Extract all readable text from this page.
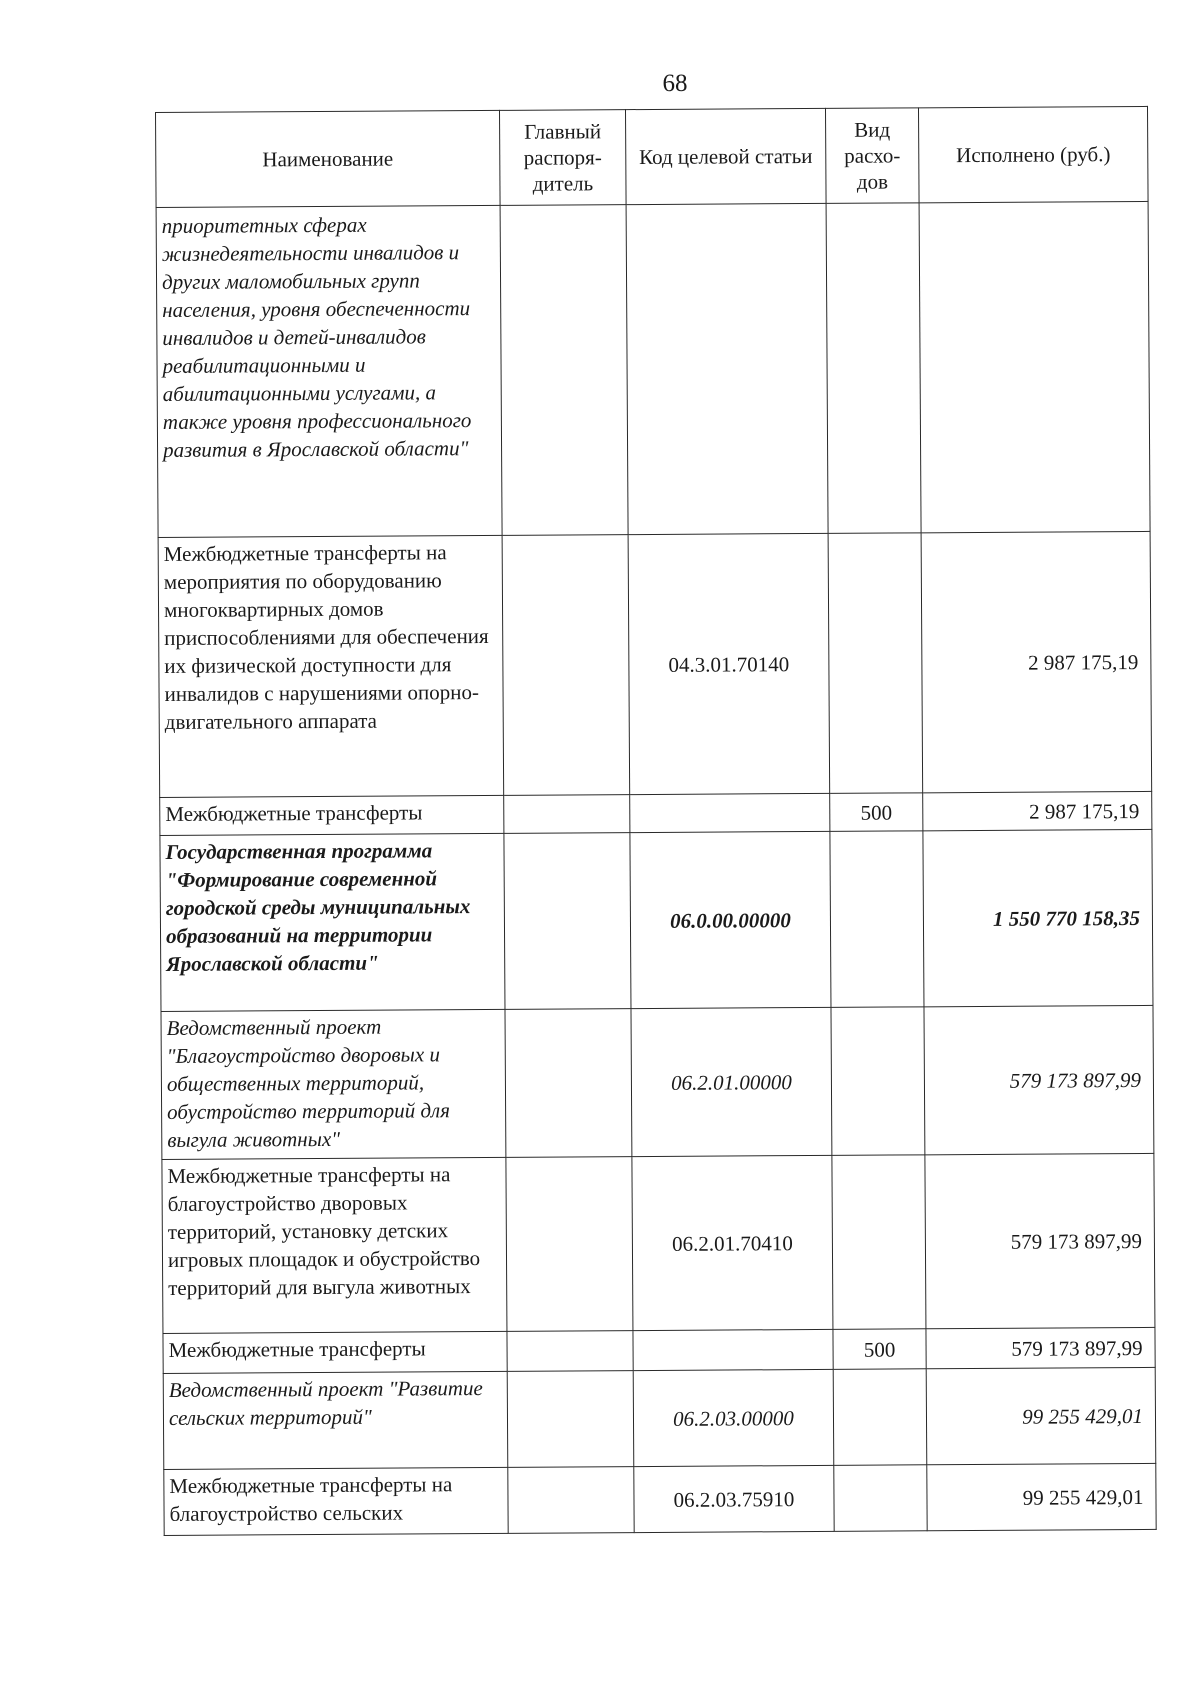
68
Наименование	Главный распоря-дитель	Код целевой статьи	Вид расхо-дов	Исполнено (руб.)
приоритетных сферах жизнедеятельности инвалидов и других маломобильных групп населения, уровня обеспеченности инвалидов и детей-инвалидов реабилитационными и абилитационными услугами, а также уровня профессионального развития в Ярославской области"				
Межбюджетные трансферты на мероприятия по оборудованию многоквартирных домов приспособлениями для обеспечения их физической доступности для инвалидов с нарушениями опорно-двигательного аппарата		04.3.01.70140		2 987 175,19
Межбюджетные трансферты			500	2 987 175,19
Государственная программа "Формирование современной городской среды муниципальных образований на территории Ярославской области"		06.0.00.00000		1 550 770 158,35
Ведомственный проект "Благоустройство дворовых и общественных территорий, обустройство территорий для выгула животных"		06.2.01.00000		579 173 897,99
Межбюджетные трансферты на благоустройство дворовых территорий, установку детских игровых площадок и обустройство территорий для выгула животных		06.2.01.70410		579 173 897,99
Межбюджетные трансферты			500	579 173 897,99
Ведомственный проект "Развитие сельских территорий"		06.2.03.00000		99 255 429,01
Межбюджетные трансферты на благоустройство сельских		06.2.03.75910		99 255 429,01
